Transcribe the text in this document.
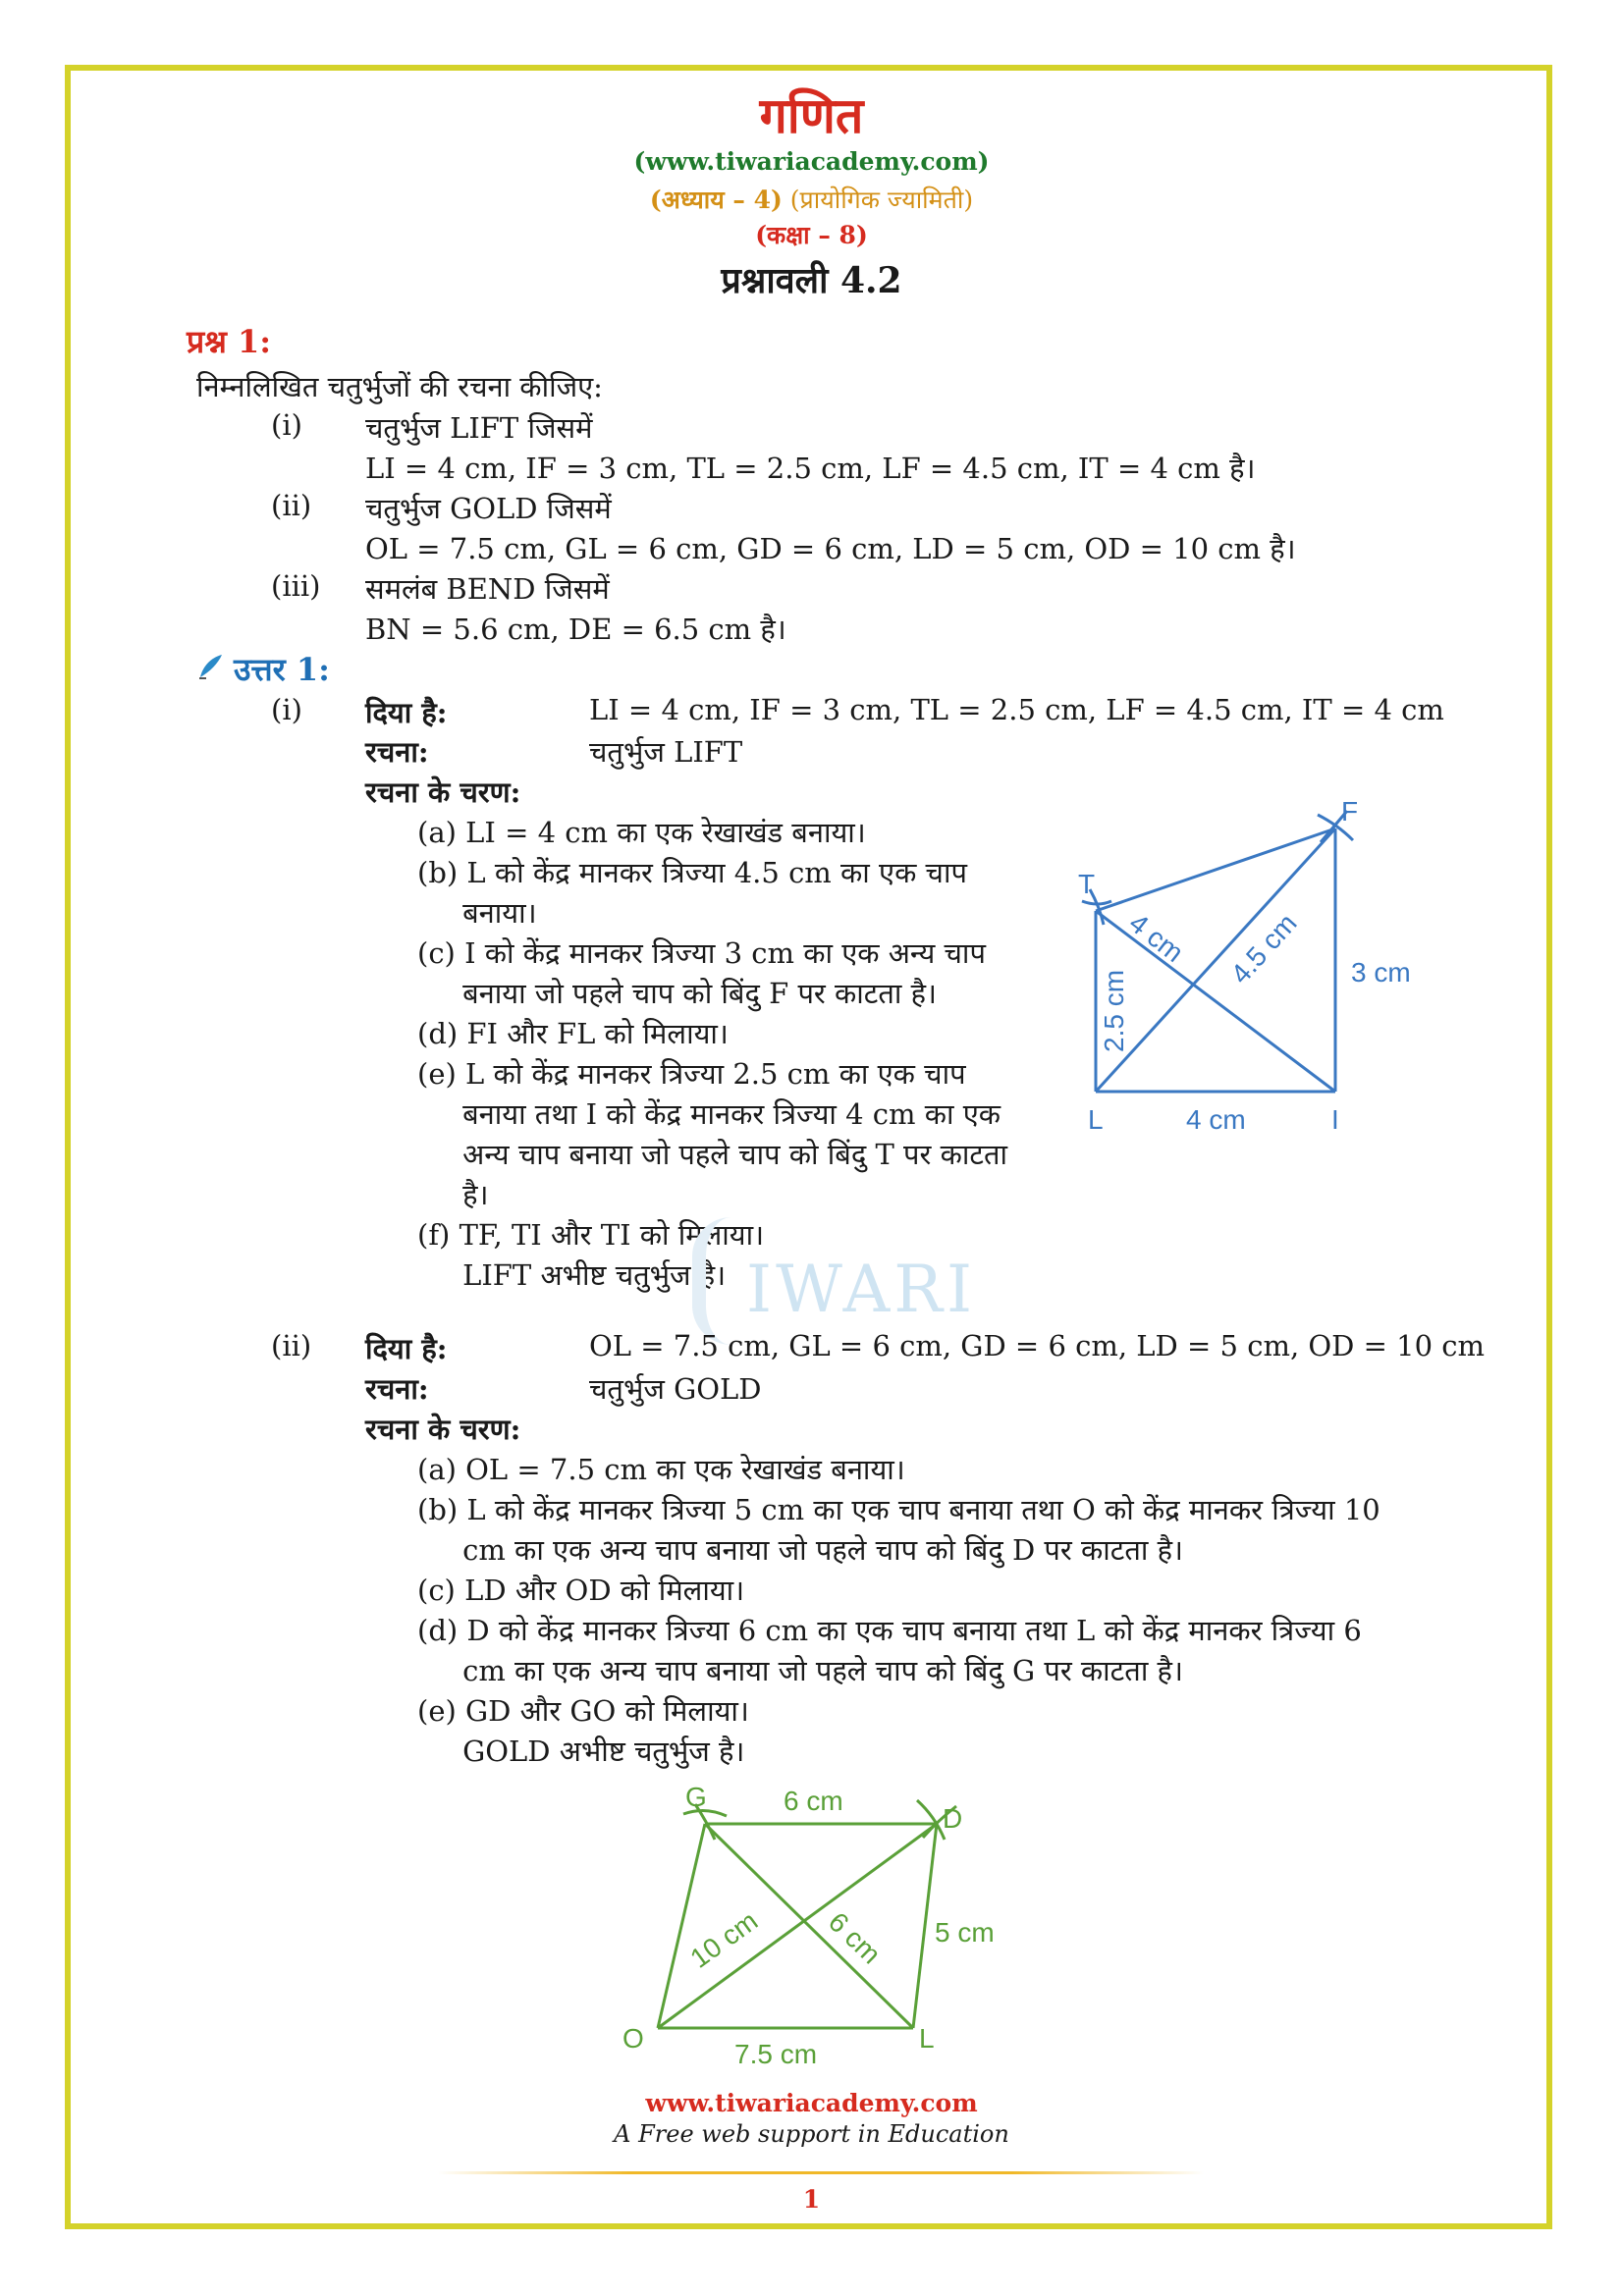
गणित
(www.tiwariacademy.com)
(अध्याय – 4) (प्रायोगिक ज्यामिती)
(कक्षा – 8)
प्रश्नावली 4.2
प्रश्न 1:
निम्नलिखित चतुर्भुजों की रचना कीजिए:
(i) चतुर्भुज LIFT जिसमें
LI = 4 cm, IF = 3 cm, TL = 2.5 cm, LF = 4.5 cm, IT = 4 cm है।
(ii) चतुर्भुज GOLD जिसमें
OL = 7.5 cm, GL = 6 cm, GD = 6 cm, LD = 5 cm, OD = 10 cm है।
(iii) समलंब BEND जिसमें
BN = 5.6 cm, DE = 6.5 cm है।
उत्तर 1:
(i) दिया है:	LI = 4 cm, IF = 3 cm, TL = 2.5 cm, LF = 4.5 cm, IT = 4 cm
रचना:	चतुर्भुज LIFT
रचना के चरण:
(a) LI = 4 cm का एक रेखाखंड बनाया।
(b) L को केंद्र मानकर त्रिज्या 4.5 cm का एक चाप
बनाया।
(c) I को केंद्र मानकर त्रिज्या 3 cm का एक अन्य चाप
बनाया जो पहले चाप को बिंदु F पर काटता है।
(d) FI और FL को मिलाया।
(e) L को केंद्र मानकर त्रिज्या 2.5 cm का एक चाप
बनाया तथा I को केंद्र मानकर त्रिज्या 4 cm का एक
अन्य चाप बनाया जो पहले चाप को बिंदु T पर काटता
है।
(f) TF, TI और TI को मिलाया।
LIFT अभीष्ट चतुर्भुज है।
F
T
L	I
4 cm
2.5 cm	3 cm
4 cm 4.5 cm
IWARI
(ii) दिया है:	OL = 7.5 cm, GL = 6 cm, GD = 6 cm, LD = 5 cm, OD = 10 cm
रचना:	चतुर्भुज GOLD
रचना के चरण:
(a) OL = 7.5 cm का एक रेखाखंड बनाया।
(b) L को केंद्र मानकर त्रिज्या 5 cm का एक चाप बनाया तथा O को केंद्र मानकर त्रिज्या 10
cm का एक अन्य चाप बनाया जो पहले चाप को बिंदु D पर काटता है।
(c) LD और OD को मिलाया।
(d) D को केंद्र मानकर त्रिज्या 6 cm का एक चाप बनाया तथा L को केंद्र मानकर त्रिज्या 6
cm का एक अन्य चाप बनाया जो पहले चाप को बिंदु G पर काटता है।
(e) GD और GO को मिलाया।
GOLD अभीष्ट चतुर्भुज है।
G
D
O	L
6 cm
5 cm
10 cm 6 cm
7.5 cm
www.tiwariacademy.com
A Free web support in Education
1
